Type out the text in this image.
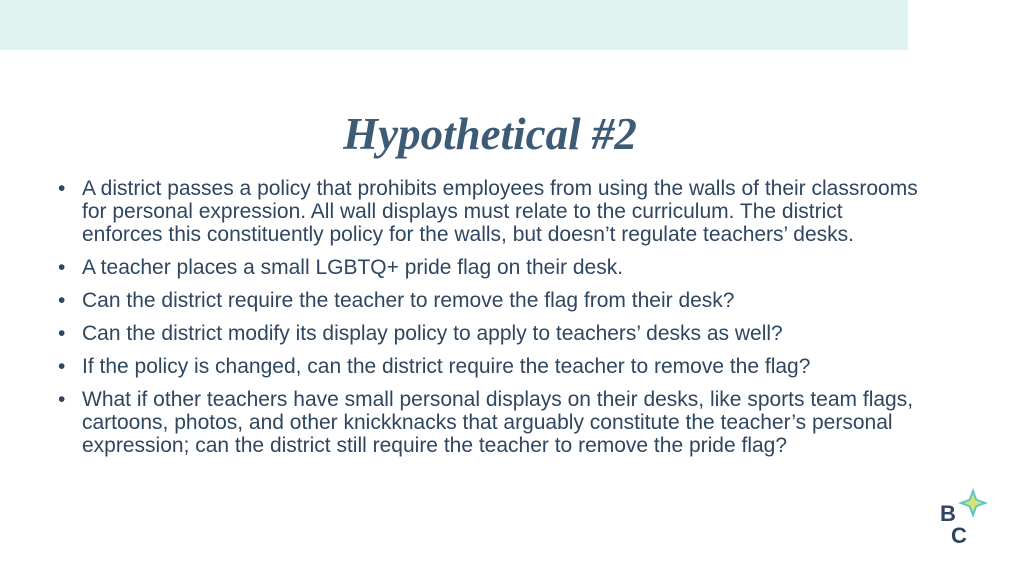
Hypothetical #2
• A district passes a policy that prohibits employees from using the walls of their classrooms for personal expression. All wall displays must relate to the curriculum. The district enforces this constituently policy for the walls, but doesn’t regulate teachers’ desks.
• A teacher places a small LGBTQ+ pride flag on their desk.
• Can the district require the teacher to remove the flag from their desk?
• Can the district modify its display policy to apply to teachers’ desks as well?
• If the policy is changed, can the district require the teacher to remove the flag?
• What if other teachers have small personal displays on their desks, like sports team flags, cartoons, photos, and other knickknacks that arguably constitute the teacher’s personal expression; can the district still require the teacher to remove the pride flag?
B
C
